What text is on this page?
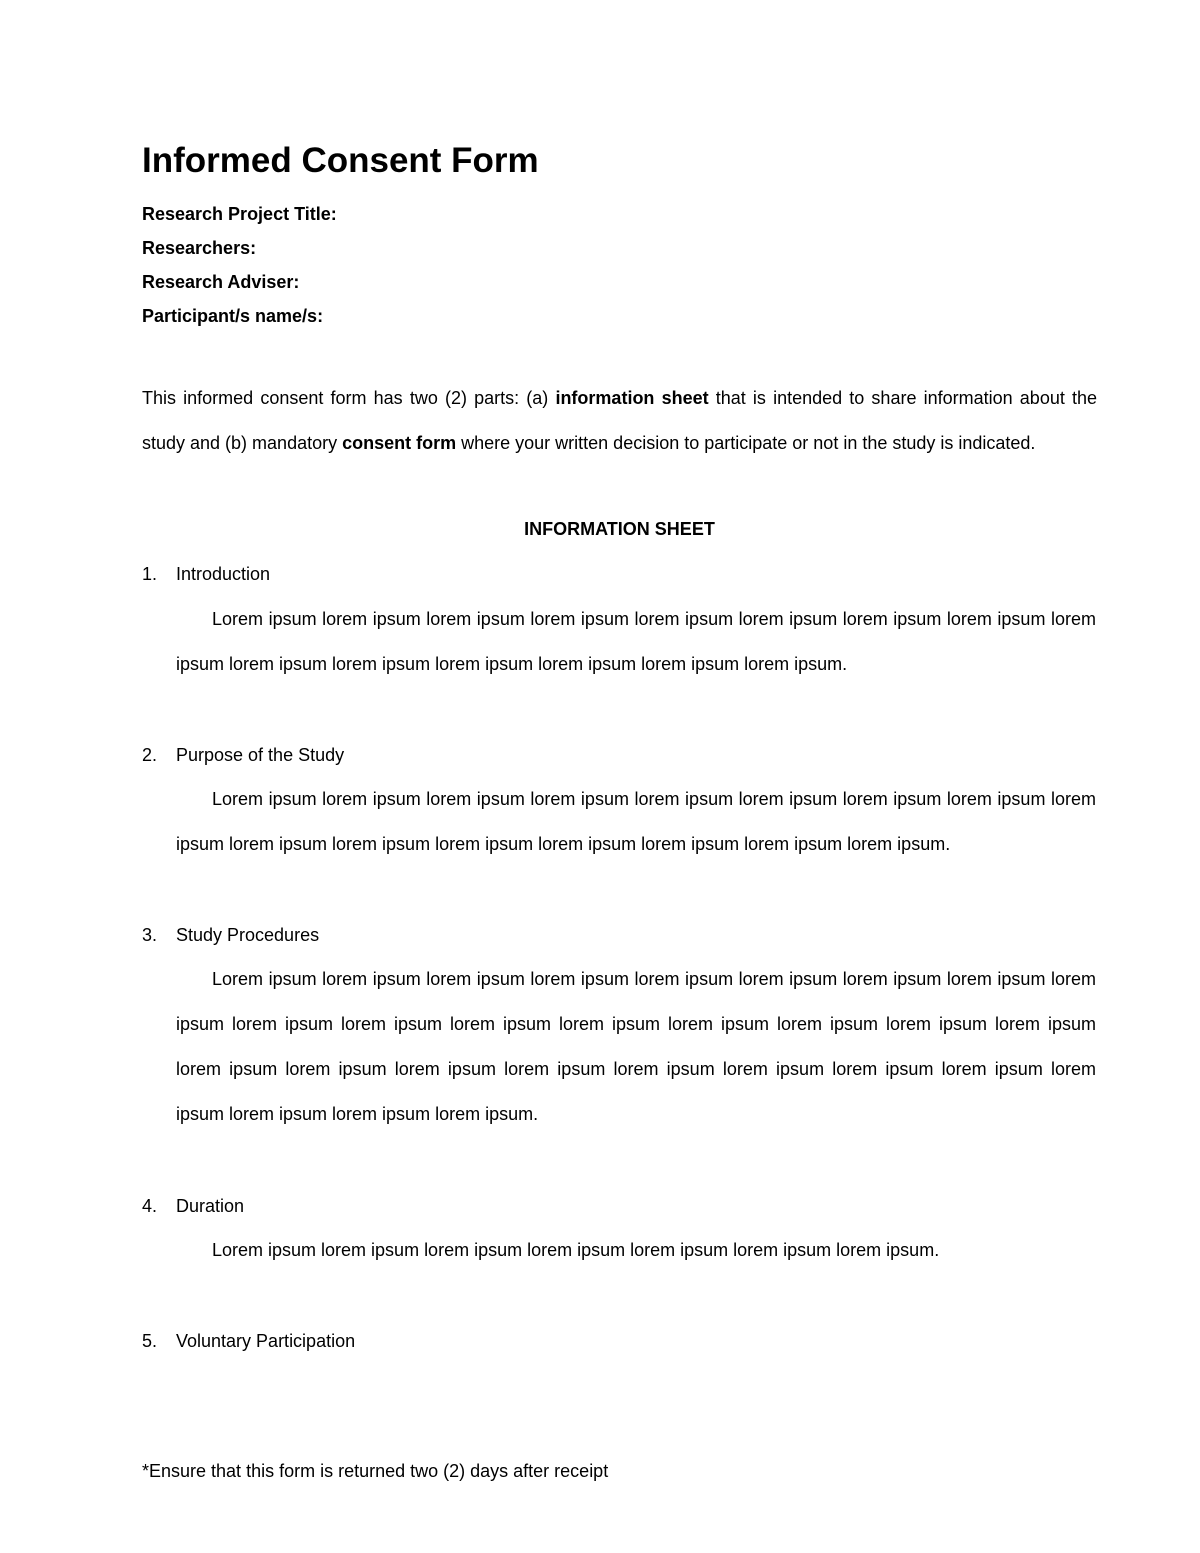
Informed Consent Form
Research Project Title:
Researchers:
Research Adviser:
Participant/s name/s:
This informed consent form has two (2) parts: (a) information sheet that is intended to share information about the study and (b) mandatory consent form where your written decision to participate or not in the study is indicated.
INFORMATION SHEET
1. Introduction
Lorem ipsum lorem ipsum lorem ipsum lorem ipsum lorem ipsum lorem ipsum lorem ipsum lorem ipsum lorem ipsum lorem ipsum lorem ipsum lorem ipsum lorem ipsum lorem ipsum lorem ipsum.
2. Purpose of the Study
Lorem ipsum lorem ipsum lorem ipsum lorem ipsum lorem ipsum lorem ipsum lorem ipsum lorem ipsum lorem ipsum lorem ipsum lorem ipsum lorem ipsum lorem ipsum lorem ipsum lorem ipsum lorem ipsum.
3. Study Procedures
Lorem ipsum lorem ipsum lorem ipsum lorem ipsum lorem ipsum lorem ipsum lorem ipsum lorem ipsum lorem ipsum lorem ipsum lorem ipsum lorem ipsum lorem ipsum lorem ipsum lorem ipsum lorem ipsum lorem ipsum lorem ipsum lorem ipsum lorem ipsum lorem ipsum lorem ipsum lorem ipsum lorem ipsum lorem ipsum lorem ipsum lorem ipsum lorem ipsum lorem ipsum.
4. Duration
Lorem ipsum lorem ipsum lorem ipsum lorem ipsum lorem ipsum lorem ipsum lorem ipsum.
5. Voluntary Participation
*Ensure that this form is returned two (2) days after receipt
